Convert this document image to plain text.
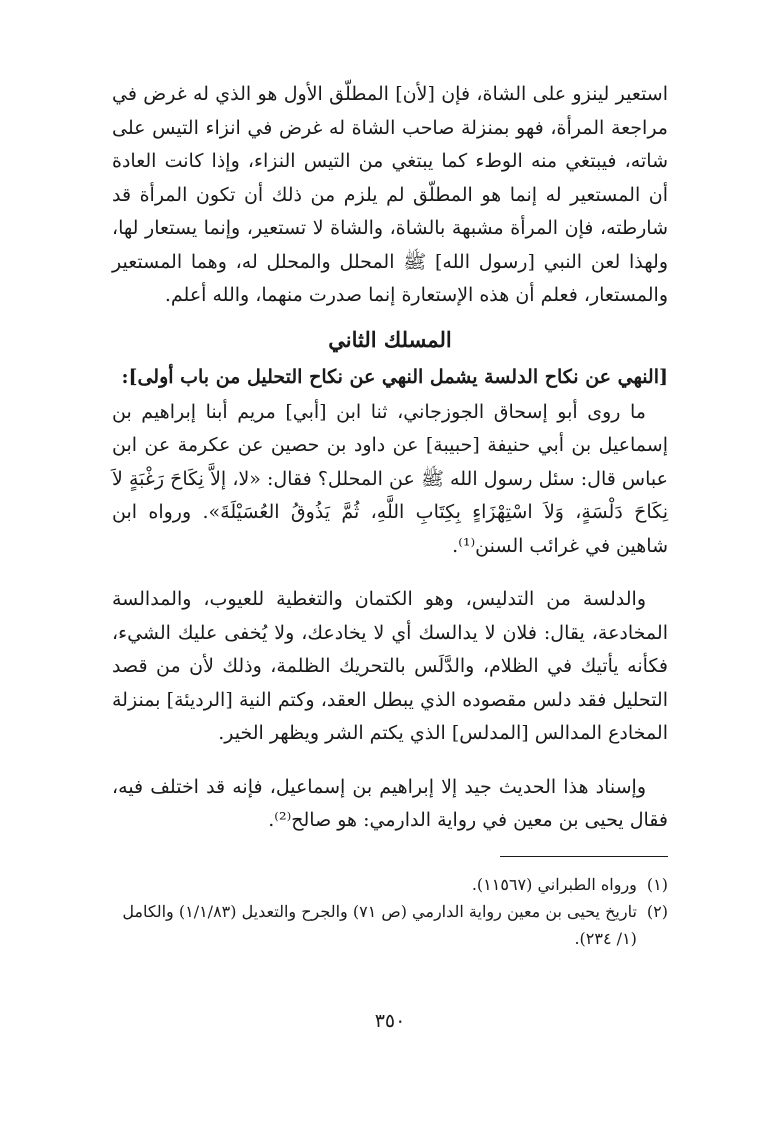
استعير لينزو على الشاة، فإن [لأن] المطلّق الأول هو الذي له غرض في مراجعة المرأة، فهو بمنزلة صاحب الشاة له غرض في انزاء التيس على شاته، فيبتغي منه الوطء كما يبتغي من التيس النزاء، وإذا كانت العادة أن المستعير له إنما هو المطلّق لم يلزم من ذلك أن تكون المرأة قد شارطته، فإن المرأة مشبهة بالشاة، والشاة لا تستعير، وإنما يستعار لها، ولهذا لعن النبي [رسول الله] ﷺ المحلل والمحلل له، وهما المستعير والمستعار، فعلم أن هذه الإستعارة إنما صدرت منهما، والله أعلم.

المسلك الثاني
[النهي عن نكاح الدلسة يشمل النهي عن نكاح التحليل من باب أولى]:

ما روى أبو إسحاق الجوزجاني، ثنا ابن [أبي] مريم أبنا إبراهيم بن إسماعيل بن أبي حنيفة [حبيبة] عن داود بن حصين عن عكرمة عن ابن عباس قال: سئل رسول الله ﷺ عن المحلل؟ فقال: «لا، إلاَّ نِكَاحَ رَغْبَةٍ لاَ نِكَاحَ دَلْسَةٍ، وَلاَ اسْتِهْزَاءٍ بِكِتَابِ اللَّهِ، ثُمَّ يَذُوقُ العُسَيْلَةَ». ورواه ابن شاهين في غرائب السنن⁽¹⁾.

والدلسة من التدليس، وهو الكتمان والتغطية للعيوب، والمدالسة المخادعة، يقال: فلان لا يدالسك أي لا يخادعك، ولا يُخفى عليك الشيء، فكأنه يأتيك في الظلام، والدَّلَس بالتحريك الظلمة، وذلك لأن من قصد التحليل فقد دلس مقصوده الذي يبطل العقد، وكتم النية [الرديئة] بمنزلة المخادع المدالس [المدلس] الذي يكتم الشر ويظهر الخير.

وإسناد هذا الحديث جيد إلا إبراهيم بن إسماعيل، فإنه قد اختلف فيه، فقال يحيى بن معين في رواية الدارمي: هو صالح⁽²⁾.

(١)
ورواه الطبراني (١١٥٦٧).
(٢)
تاريخ يحيى بن معين رواية الدارمي (ص ٧١) والجرح والتعديل (١/١/٨٣) والكامل (١/ ٢٣٤).
٣٥٠
